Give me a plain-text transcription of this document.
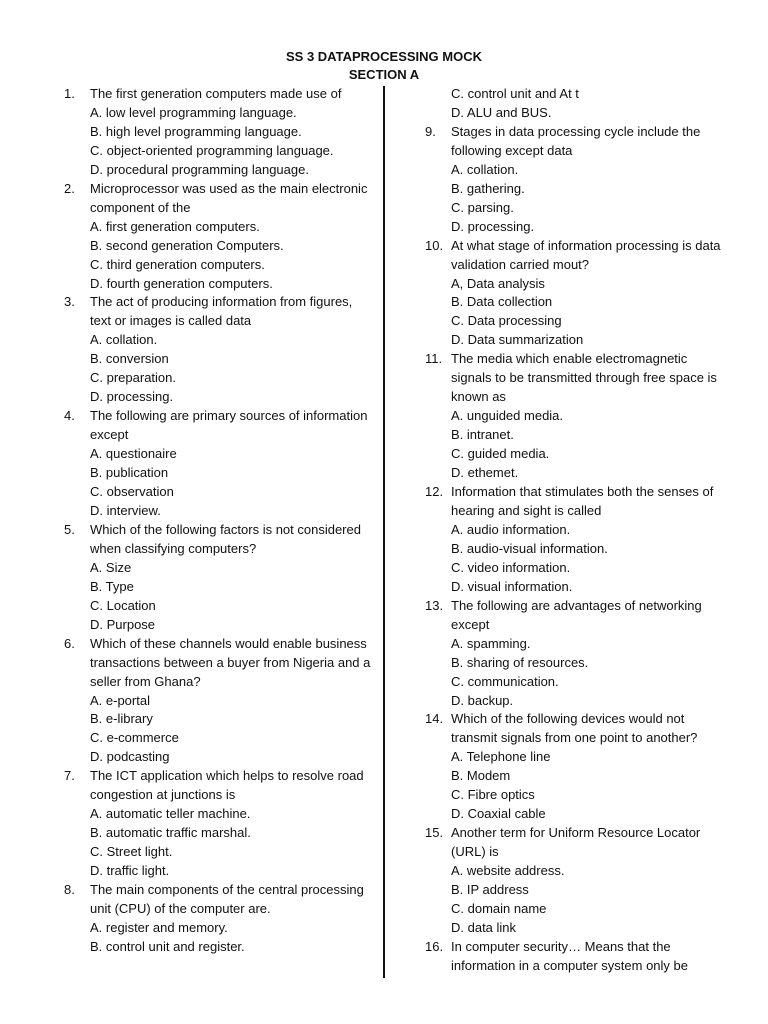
SS 3 DATAPROCESSING MOCK
SECTION A
1.	The first generation computers made use of
A. low level programming language.
B. high level programming language.
C. object-oriented programming language.
D. procedural programming language.
2.	Microprocessor was used as the main electronic component of the
A. first generation computers.
B. second generation Computers.
C. third generation computers.
D. fourth generation computers.
3.	The act of producing information from figures, text or images is called data
A. collation.
B. conversion
C. preparation.
D. processing.
4.	The following are primary sources of information except
A. questionaire
B. publication
C. observation
D. interview.
5.	Which of the following factors is not considered when classifying computers?
A. Size
B. Type
C. Location
D. Purpose
6.	Which of these channels would enable business transactions between a buyer from Nigeria and a seller from Ghana?
A. e-portal
B. e-library
C. e-commerce
D. podcasting
7.	The ICT application which helps to resolve road congestion at junctions is
A. automatic teller machine.
B. automatic traffic marshal.
C. Street light.
D. traffic light.
8.	The main components of the central processing unit (CPU) of the computer are.
A. register and memory.
B. control unit and register.
C. control unit and At t
D. ALU and BUS.
9.	Stages in data processing cycle include the following except data
A. collation.
B. gathering.
C. parsing.
D. processing.
10. At what stage of information processing is data validation carried mout?
A, Data analysis
B. Data collection
C. Data processing
D. Data summarization
11. The media which enable electromagnetic signals to be transmitted through free space is known as
A. unguided media.
B. intranet.
C. guided media.
D. ethemet.
12. Information that stimulates both the senses of hearing and sight is called
A. audio information.
B. audio-visual information.
C. video information.
D. visual information.
13. The following are advantages of networking except
A. spamming.
B. sharing of resources.
C. communication.
D. backup.
14. Which of the following devices would not transmit signals from one point to another?
A. Telephone line
B. Modem
C. Fibre optics
D. Coaxial cable
15. Another term for Uniform Resource Locator (URL) is
A. website address.
B. IP address
C. domain name
D. data link
16. In computer security… Means that the information in a computer system only be
